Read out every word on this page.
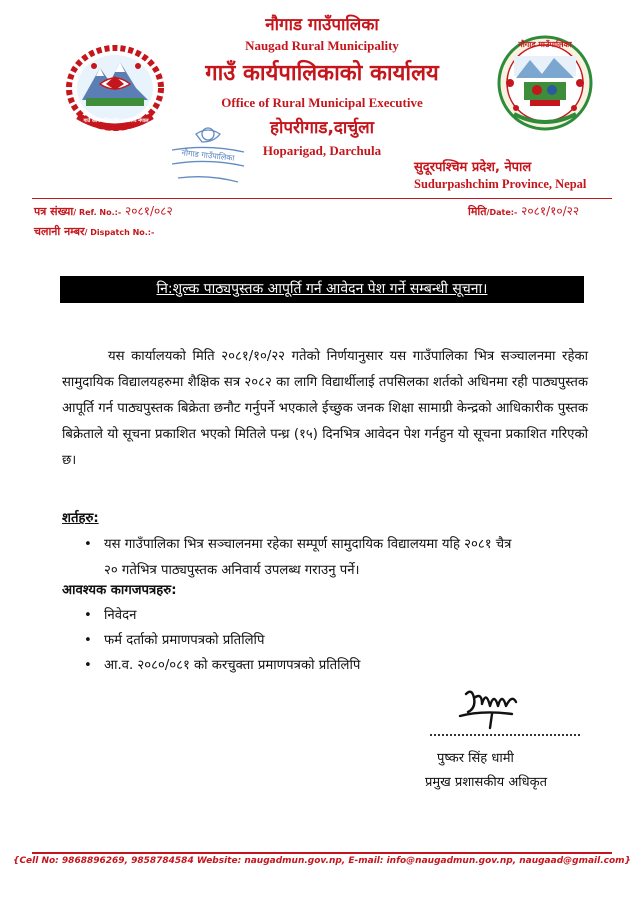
गाउँ कार्यपालिकाको कार्यालय नेपाल
नौगाड गाउँपालिका
Naugad Rural Municipality
गाउँ कार्यपालिकाको कार्यालय
Office of Rural Municipal Executive
होपरीगाड,दार्चुला
Hoparigad, Darchula
नौगाड गाउँपालिका
नौगाड गाउँपालिका
सुदूरपश्चिम प्रदेश, नेपाल
Sudurpashchim Province, Nepal
पत्र संख्या/ Ref. No.:- २०८१/०८२	मिति/Date:- २०८१/१०/२२
चलानी नम्बर/ Dispatch No.:-
नि:शुल्क पाठ्यपुस्तक आपूर्ति गर्न आवेदन पेश गर्ने सम्बन्धी सूचना।
यस कार्यालयको मिति २०८१/१०/२२ गतेको निर्णयानुसार यस गाउँपालिका भित्र सञ्चालनमा रहेका सामुदायिक विद्यालयहरुमा शैक्षिक सत्र २०८२ का लागि विद्यार्थीलाई तपसिलका शर्तको अधिनमा रही पाठ्यपुस्तक आपूर्ति गर्न पाठ्यपुस्तक बिक्रेता छनौट गर्नुपर्ने भएकाले ईच्छुक जनक शिक्षा सामाग्री केन्द्रको आधिकारीक पुस्तक बिक्रेताले यो सूचना प्रकाशित भएको मितिले पन्ध्र (१५) दिनभित्र आवेदन पेश गर्नहुन यो सूचना प्रकाशित गरिएको छ।
शर्तहरु:
• यस गाउँपालिका भित्र सञ्चालनमा रहेका सम्पूर्ण सामुदायिक विद्यालयमा यहि २०८१ चैत्र
२० गतेभित्र पाठ्यपुस्तक अनिवार्य उपलब्ध गराउनु पर्ने।
आवश्यक कागजपत्रहरु:
• निवेदन
• फर्म दर्ताको प्रमाणपत्रको प्रतिलिपि
• आ.व. २०८०/०८१ को करचुक्ता प्रमाणपत्रको प्रतिलिपि
पुष्कर सिंह धामी
प्रमुख प्रशासकीय अधिकृत
{Cell No: 9868896269, 9858784584 Website: naugadmun.gov.np, E-mail: info@naugadmun.gov.np, naugaad@gmail.com}
